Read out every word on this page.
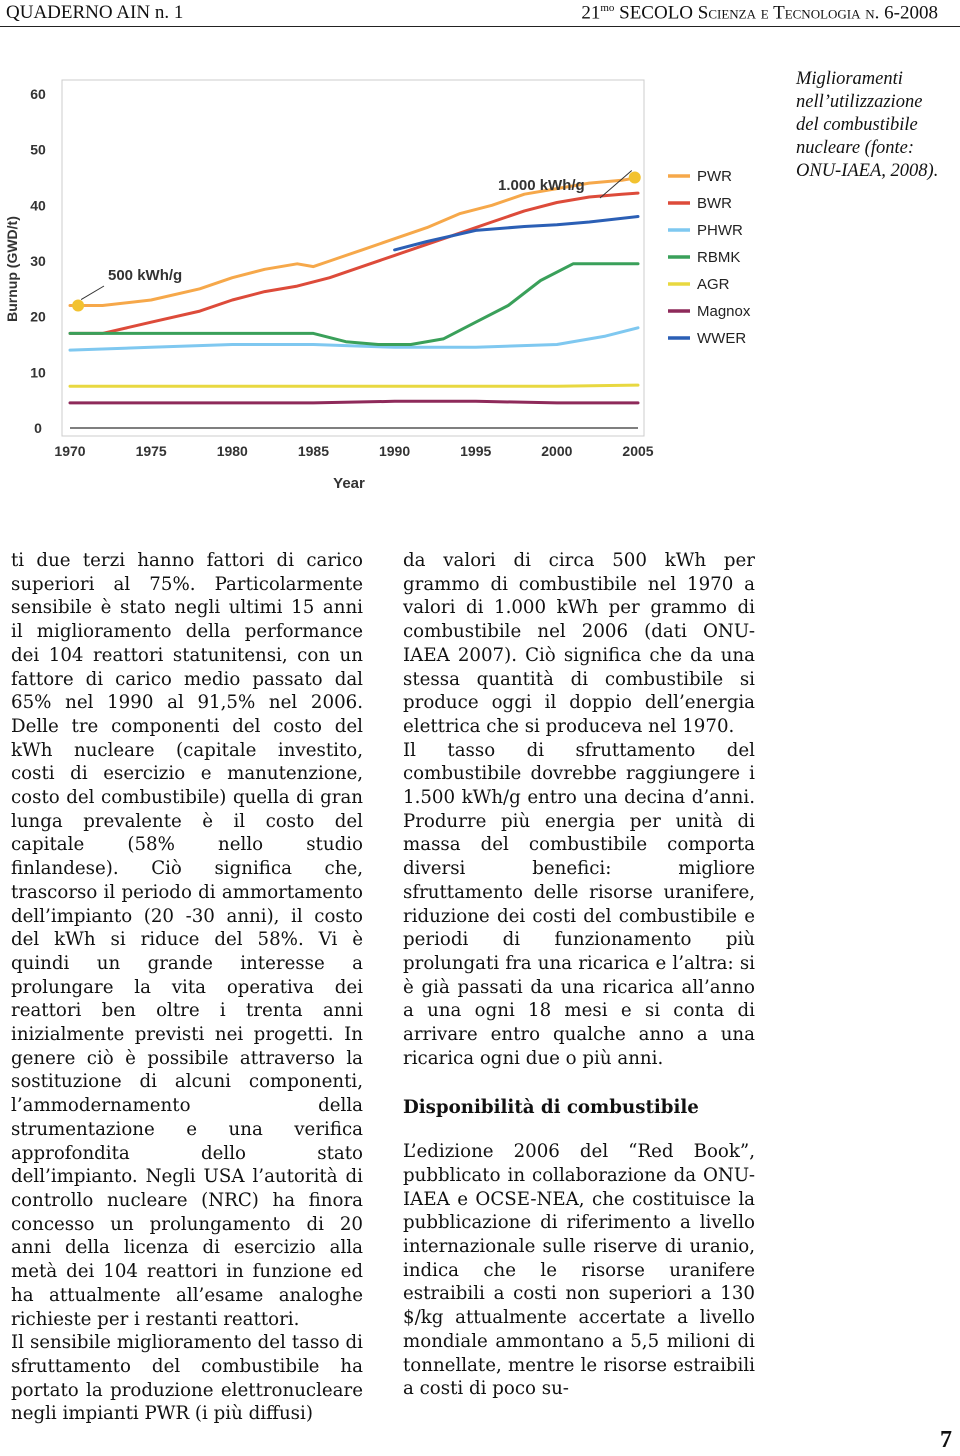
QUADERNO AIN n. 1	$21^{mo}$ SECOLO Scienza e Tecnologia n. 6-2008
0
10
20
30
40
50
60
1970	1975	1980	1985	1990	1995	2000	2005
Burnup (GWD/t)
Year
500 kWh/g
1.000 kWh/g
PWR
BWR
PHWR
RBMK
AGR
Magnox
WWER
Miglioramenti nell’utilizzazione del combustibile nucleare (fonte: ONU-IAEA, 2008).

ti due terzi hanno fattori di carico superiori al 75%. Particolarmente sensibile è stato negli ultimi 15 anni il miglioramento della performance dei 104 reattori statunitensi, con un fattore di carico medio passato dal 65% nel 1990 al 91,5% nel 2006. Delle tre componenti del costo del kWh nucleare (capitale investito, costi di esercizio e manutenzione, costo del combustibile) quella di gran lunga prevalente è il costo del capitale (58% nello studio finlandese). Ciò significa che, trascorso il periodo di ammortamento dell’impianto (20 -30 anni), il costo del kWh si riduce del 58%. Vi è quindi un grande interesse a prolungare la vita operativa dei reattori ben oltre i trenta anni inizialmente previsti nei progetti. In genere ciò è possibile attraverso la sostituzione di alcuni componenti, l’ammodernamento della strumentazione e una verifica approfondita dello stato dell’impianto. Negli USA l’autorità di controllo nucleare (NRC) ha finora concesso un prolungamento di 20 anni della licenza di esercizio alla metà dei 104 reattori in funzione ed ha attualmente all’esame analoghe richieste per i restanti reattori.

Il sensibile miglioramento del tasso di sfruttamento del combustibile ha portato la produzione elettronucleare negli impianti PWR (i più diffusi)

da valori di circa 500 kWh per grammo di combustibile nel 1970 a valori di 1.000 kWh per grammo di combustibile nel 2006 (dati ONU-IAEA 2007). Ciò significa che da una stessa quantità di combustibile si produce oggi il doppio dell’energia elettrica che si produceva nel 1970.

Il tasso di sfruttamento del combustibile dovrebbe raggiungere i 1.500 kWh/g entro una decina d’anni. Produrre più energia per unità di massa del combustibile comporta diversi benefici: migliore sfruttamento delle risorse uranifere, riduzione dei costi del combustibile e periodi di funzionamento più prolungati fra una ricarica e l’altra: si è già passati da una ricarica all’anno a una ogni 18 mesi e si conta di arrivare entro qualche anno a una ricarica ogni due o più anni.

Disponibilità di combustibile

L’edizione 2006 del “Red Book”, pubblicato in collaborazione da ONU-IAEA e OCSE-NEA, che costituisce la pubblicazione di riferimento a livello internazionale sulle riserve di uranio, indica che le risorse uranifere estraibili a costi non superiori a 130 $/kg attualmente accertate a livello mondiale ammontano a 5,5 milioni di tonnellate, mentre le risorse estraibili a costi di poco su-

7
